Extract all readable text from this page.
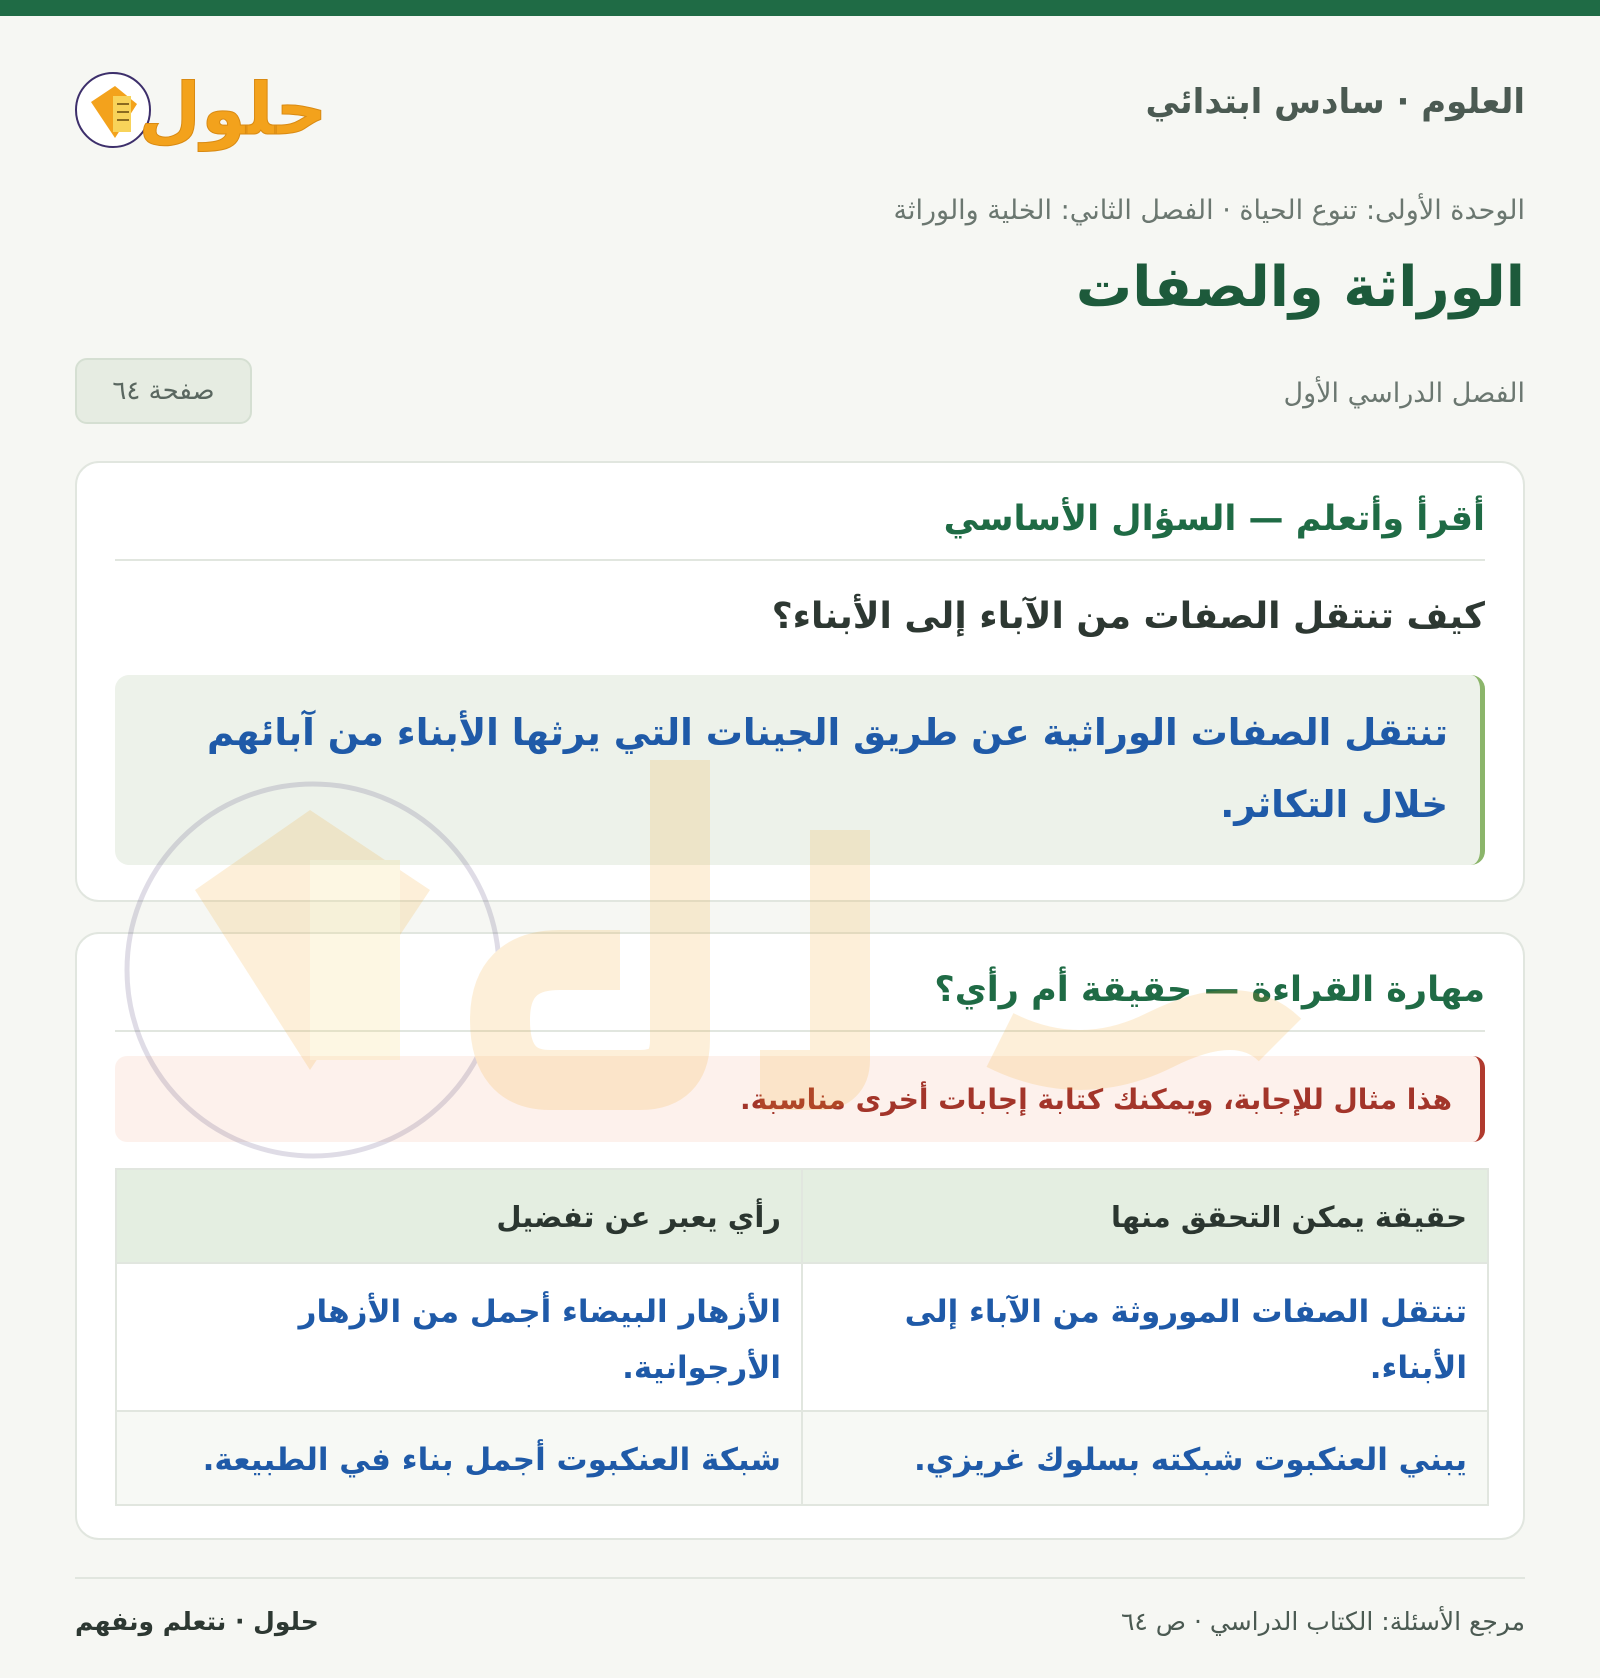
العلوم · سادس ابتدائي
حلول
الوحدة الأولى: تنوع الحياة · الفصل الثاني: الخلية والوراثة
الوراثة والصفات
الفصل الدراسي الأول
صفحة ٦٤
أقرأ وأتعلم — السؤال الأساسي
كيف تنتقل الصفات من الآباء إلى الأبناء؟

تنتقل الصفات الوراثية عن طريق الجينات التي يرثها الأبناء من آبائهم خلال التكاثر.

مهارة القراءة — حقيقة أم رأي؟
هذا مثال للإجابة، ويمكنك كتابة إجابات أخرى مناسبة.
حقيقة يمكن التحقق منها	رأي يعبر عن تفضيل
تنتقل الصفات الموروثة من الآباء إلى الأبناء.	الأزهار البيضاء أجمل من الأزهار الأرجوانية.
يبني العنكبوت شبكته بسلوك غريزي.	شبكة العنكبوت أجمل بناء في الطبيعة.
مرجع الأسئلة: الكتاب الدراسي · ص ٦٤
حلول · نتعلم ونفهم
